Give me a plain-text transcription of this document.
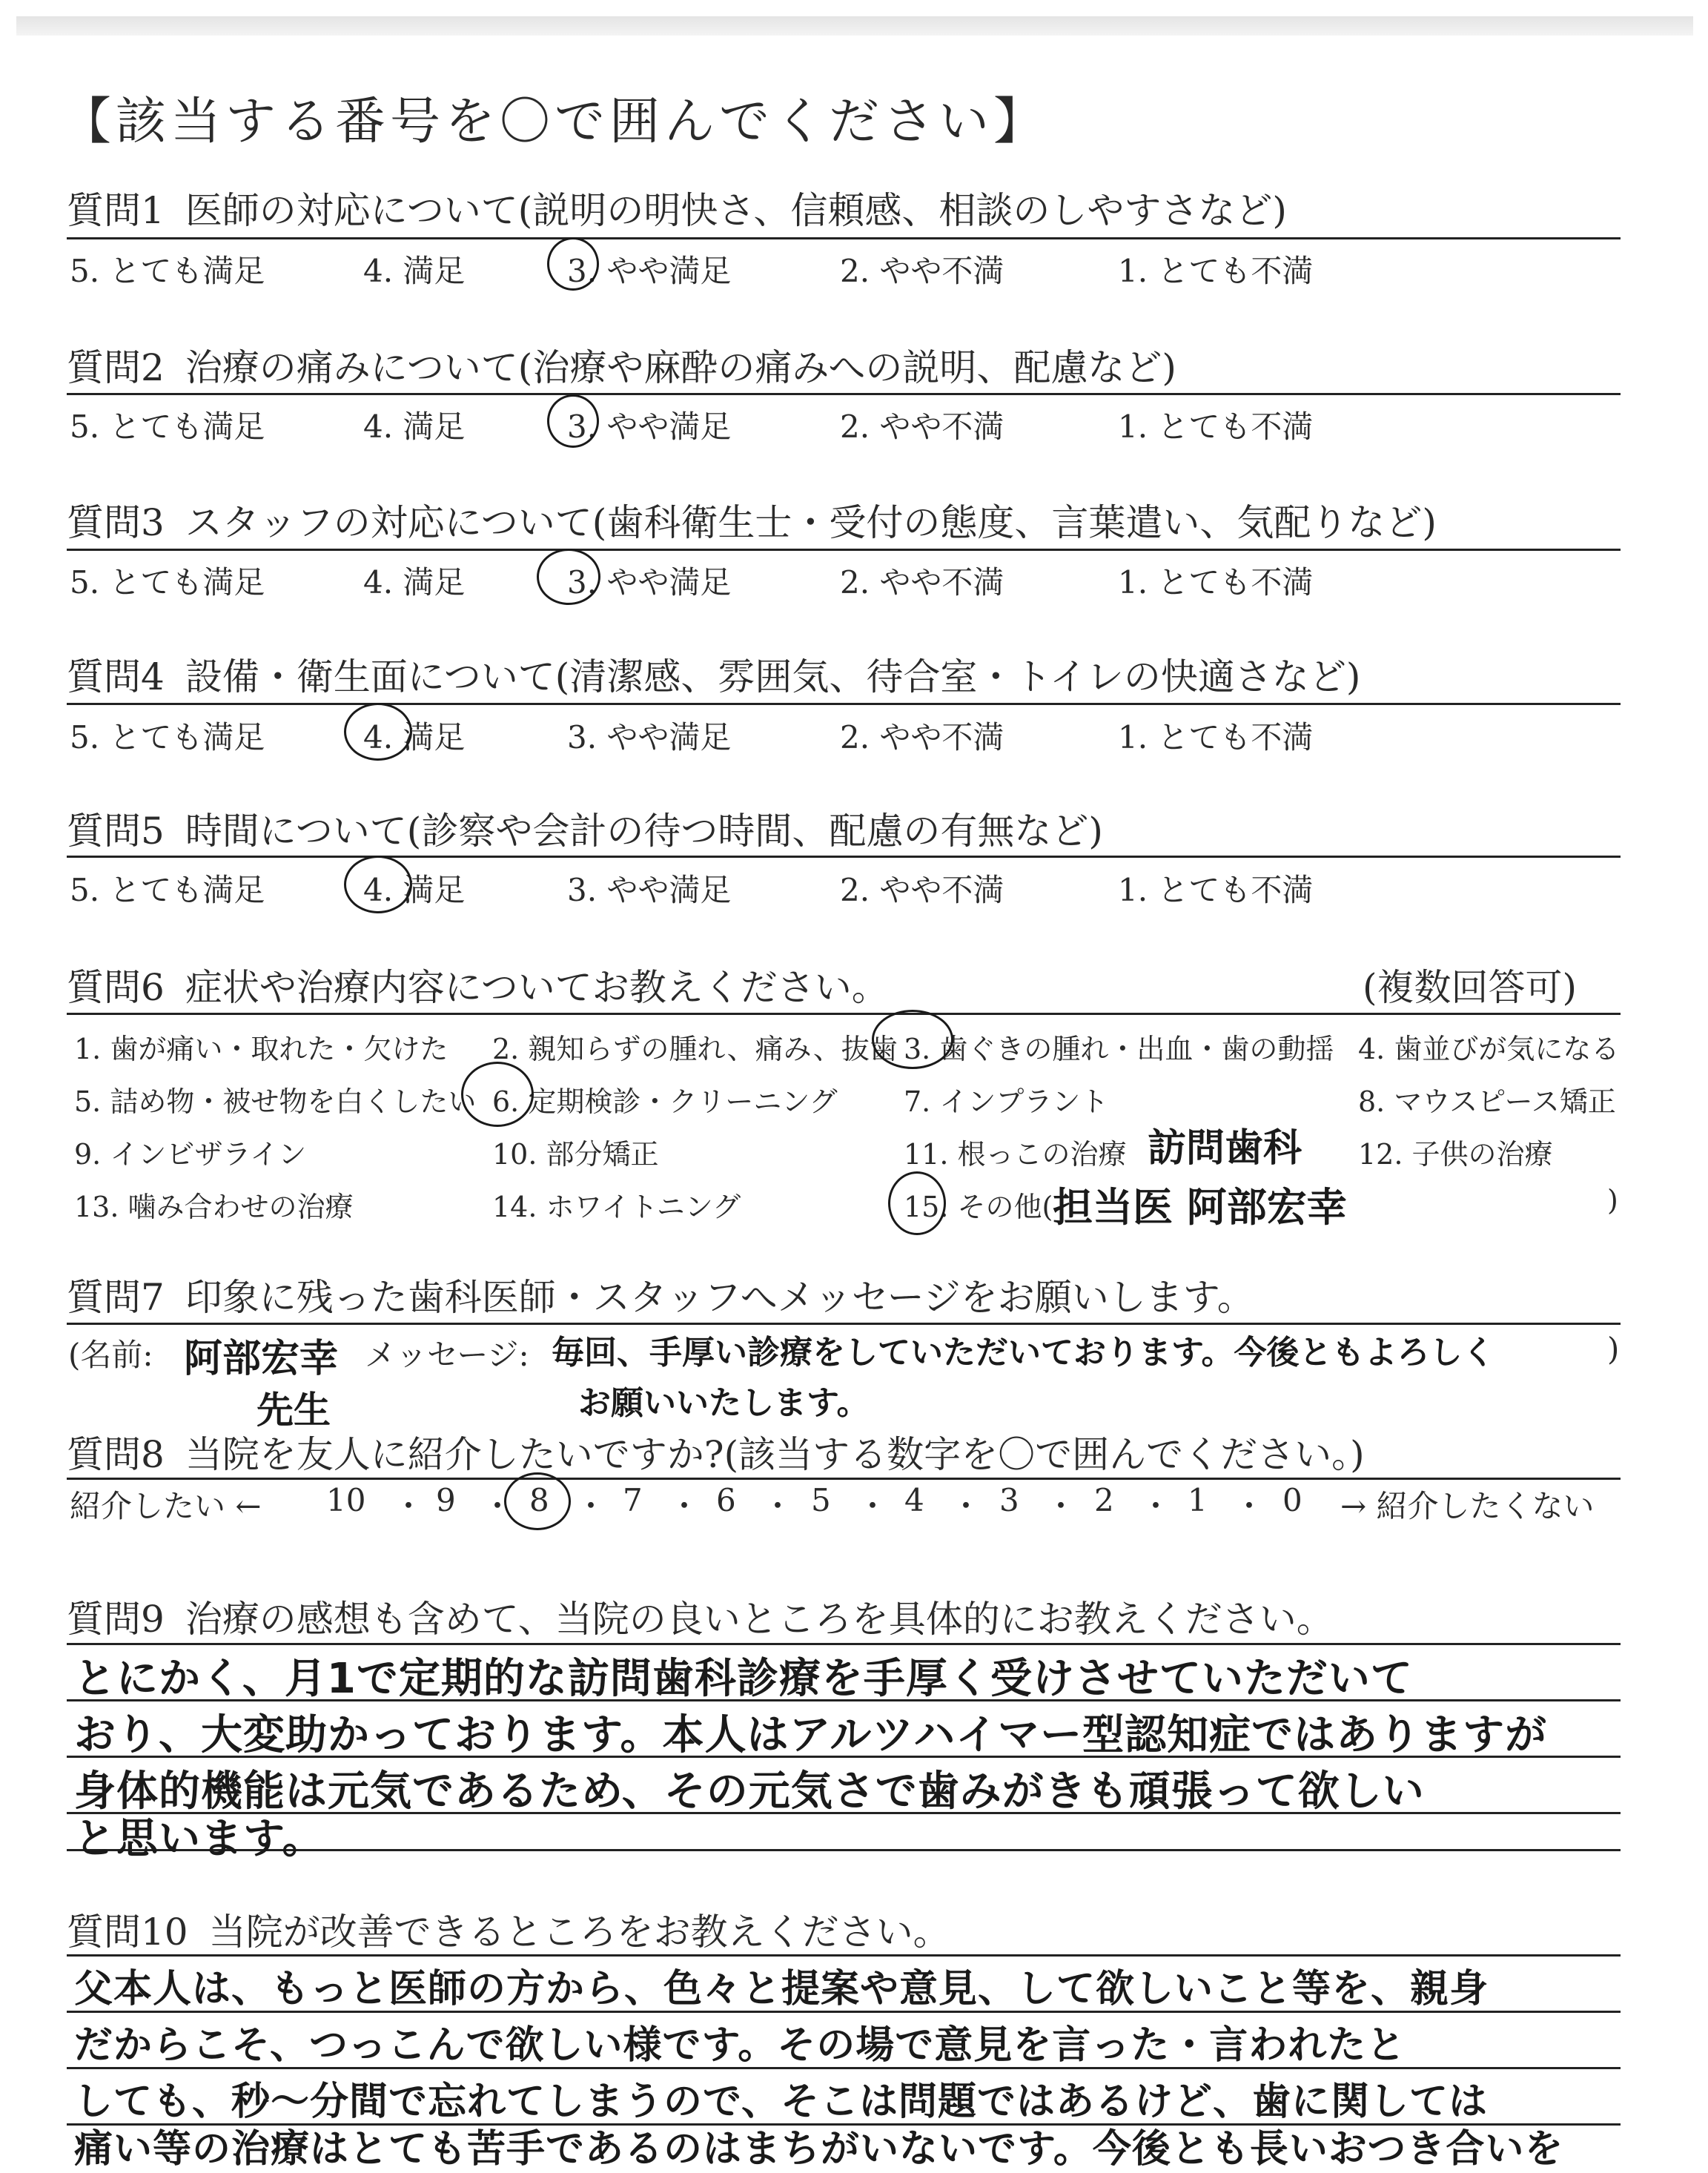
【該当する番号を〇で囲んでください】
質問1 医師の対応について(説明の明快さ、信頼感、相談のしやすさなど)
5. とても満足	4. 満足	3. やや満足	2. やや不満	1. とても不満
質問2 治療の痛みについて(治療や麻酔の痛みへの説明、配慮など)
5. とても満足	4. 満足	3. やや満足	2. やや不満	1. とても不満
質問3 スタッフの対応について(歯科衛生士・受付の態度、言葉遣い、気配りなど)
5. とても満足	4. 満足	3. やや満足	2. やや不満	1. とても不満
質問4 設備・衛生面について(清潔感、雰囲気、待合室・トイレの快適さなど)
5. とても満足	4. 満足	3. やや満足	2. やや不満	1. とても不満
質問5 時間について(診察や会計の待つ時間、配慮の有無など)
5. とても満足	4. 満足	3. やや満足	2. やや不満	1. とても不満
質問6 症状や治療内容についてお教えください。	(複数回答可)
1. 歯が痛い・取れた・欠けた 2. 親知らずの腫れ、痛み、抜歯 3. 歯ぐきの腫れ・出血・歯の動揺 4. 歯並びが気になる
5. 詰め物・被せ物を白くしたい 6. 定期検診・クリーニング 7. インプラント	8. マウスピース矯正
9. インビザライン	10. 部分矯正	11. 根っこの治療	12. 子供の治療
13. 噛み合わせの治療	14. ホワイトニング	15. その他(	)
訪問歯科
担当医 阿部宏幸
質問7 印象に残った歯科医師・スタッフへメッセージをお願いします。
(名前: 阿部宏幸
先生
メッセージ: 毎回、手厚い診療をしていただいております。今後ともよろしく
お願いいたします。
)
質問8 当院を友人に紹介したいですか?(該当する数字を〇で囲んでください。)
紹介したい ← 10 ・ 9 ・ 8 ・ 7 ・ 6 ・ 5 ・ 4 ・ 3 ・ 2 ・ 1 ・ 0 → 紹介したくない
質問9 治療の感想も含めて、当院の良いところを具体的にお教えください。
とにかく、月1で定期的な訪問歯科診療を手厚く受けさせていただいて
おり、大変助かっております。本人はアルツハイマー型認知症ではありますが
身体的機能は元気であるため、その元気さで歯みがきも頑張って欲しい
と思います。
質問10 当院が改善できるところをお教えください。
父本人は、もっと医師の方から、色々と提案や意見、して欲しいこと等を、親身
だからこそ、つっこんで欲しい様です。その場で意見を言った・言われたと
しても、秒〜分間で忘れてしまうので、そこは問題ではあるけど、歯に関しては
痛い等の治療はとても苦手であるのはまちがいないです。今後とも長いおつき合いを
